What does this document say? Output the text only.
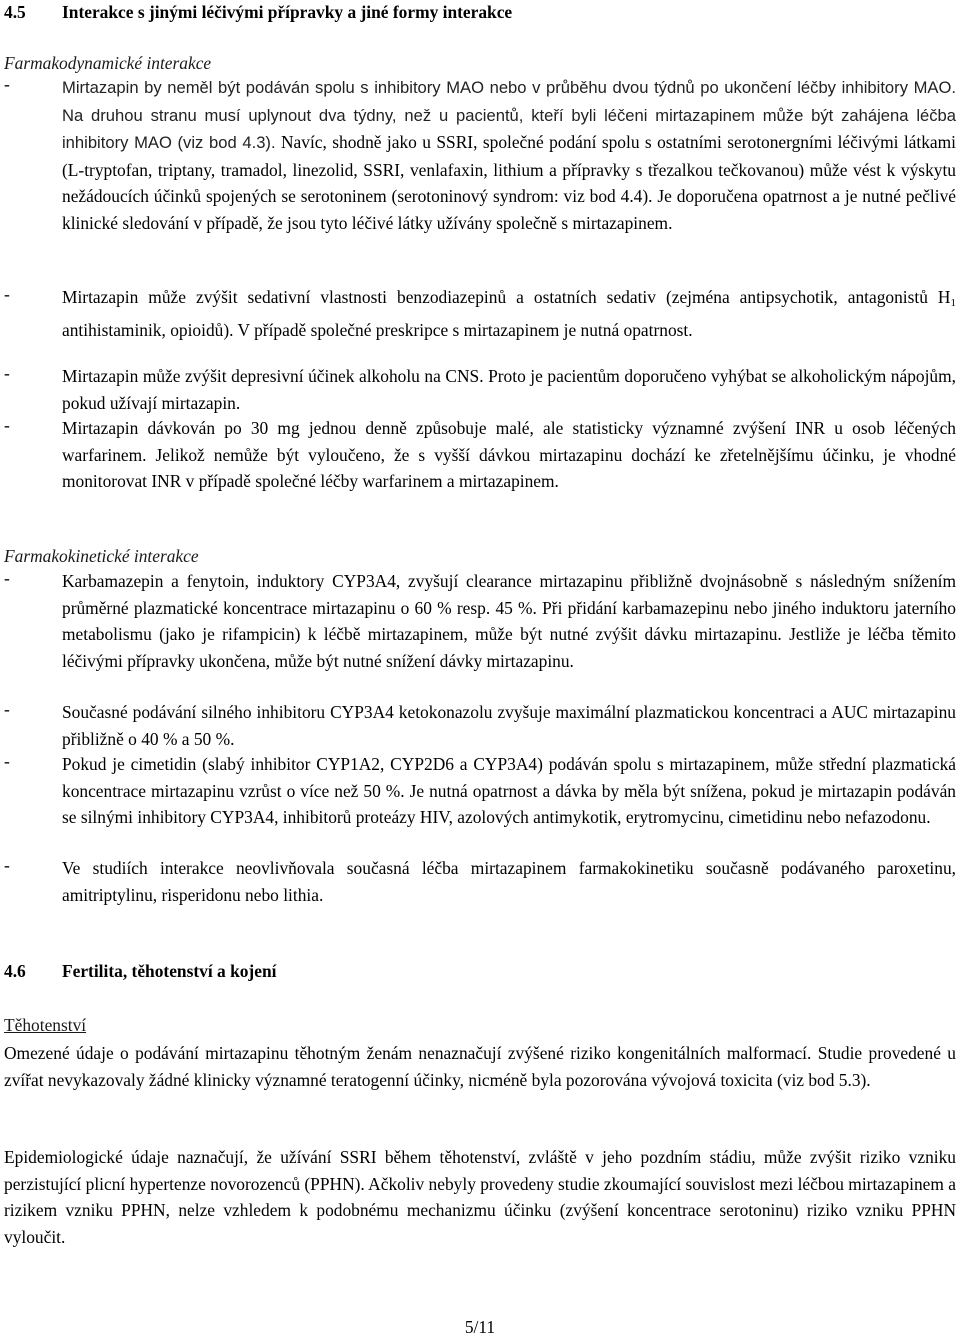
4.5 Interakce s jinými léčivými přípravky a jiné formy interakce
Farmakodynamické interakce
-	Mirtazapin by neměl být podáván spolu s inhibitory MAO nebo v průběhu dvou týdnů po ukončení léčby inhibitory MAO. Na druhou stranu musí uplynout dva týdny, než u pacientů, kteří byli léčeni mirtazapinem může být zahájena léčba inhibitory MAO (viz bod 4.3). Navíc, shodně jako u SSRI, společné podání spolu s ostatními serotonergními léčivými látkami (L-tryptofan, triptany, tramadol, linezolid, SSRI, venlafaxin, lithium a přípravky s třezalkou tečkovanou) může vést k výskytu nežádoucích účinků spojených se serotoninem (serotoninový syndrom: viz bod 4.4). Je doporučena opatrnost a je nutné pečlivé klinické sledování v případě, že jsou tyto léčivé látky užívány společně s mirtazapinem.
-	Mirtazapin může zvýšit sedativní vlastnosti benzodiazepinů a ostatních sedativ (zejména antipsychotik, antagonistů $H_1$ antihistaminik, opioidů). V případě společné preskripce s mirtazapinem je nutná opatrnost.
-	Mirtazapin může zvýšit depresivní účinek alkoholu na CNS. Proto je pacientům doporučeno vyhýbat se alkoholickým nápojům, pokud užívají mirtazapin.
-	Mirtazapin dávkován po 30 mg jednou denně způsobuje malé, ale statisticky významné zvýšení INR u osob léčených warfarinem. Jelikož nemůže být vyloučeno, že s vyšší dávkou mirtazapinu dochází ke zřetelnějšímu účinku, je vhodné monitorovat INR v případě společné léčby warfarinem a mirtazapinem.
Farmakokinetické interakce
-	Karbamazepin a fenytoin, induktory CYP3A4, zvyšují clearance mirtazapinu přibližně dvojnásobně s následným snížením průměrné plazmatické koncentrace mirtazapinu o 60 % resp. 45 %. Při přidání karbamazepinu nebo jiného induktoru jaterního metabolismu (jako je rifampicin) k léčbě mirtazapinem, může být nutné zvýšit dávku mirtazapinu. Jestliže je léčba těmito léčivými přípravky ukončena, může být nutné snížení dávky mirtazapinu.
-	Současné podávání silného inhibitoru CYP3A4 ketokonazolu zvyšuje maximální plazmatickou koncentraci a AUC mirtazapinu přibližně o 40 % a 50 %.
-	Pokud je cimetidin (slabý inhibitor CYP1A2, CYP2D6 a CYP3A4) podáván spolu s mirtazapinem, může střední plazmatická koncentrace mirtazapinu vzrůst o více než 50 %. Je nutná opatrnost a dávka by měla být snížena, pokud je mirtazapin podáván se silnými inhibitory CYP3A4, inhibitorů proteázy HIV, azolových antimykotik, erytromycinu, cimetidinu nebo nefazodonu.
-	Ve studiích interakce neovlivňovala současná léčba mirtazapinem farmakokinetiku současně podávaného paroxetinu, amitriptylinu, risperidonu nebo lithia.
4.6 Fertilita, těhotenství a kojení
Těhotenství
Omezené údaje o podávání mirtazapinu těhotným ženám nenaznačují zvýšené riziko kongenitálních malformací. Studie provedené u zvířat nevykazovaly žádné klinicky významné teratogenní účinky, nicméně byla pozorována vývojová toxicita (viz bod 5.3).
Epidemiologické údaje naznačují, že užívání SSRI během těhotenství, zvláště v jeho pozdním stádiu, může zvýšit riziko vzniku perzistující plicní hypertenze novorozenců (PPHN). Ačkoliv nebyly provedeny studie zkoumající souvislost mezi léčbou mirtazapinem a rizikem vzniku PPHN, nelze vzhledem k podobnému mechanizmu účinku (zvýšení koncentrace serotoninu) riziko vzniku PPHN vyloučit.
5/11
